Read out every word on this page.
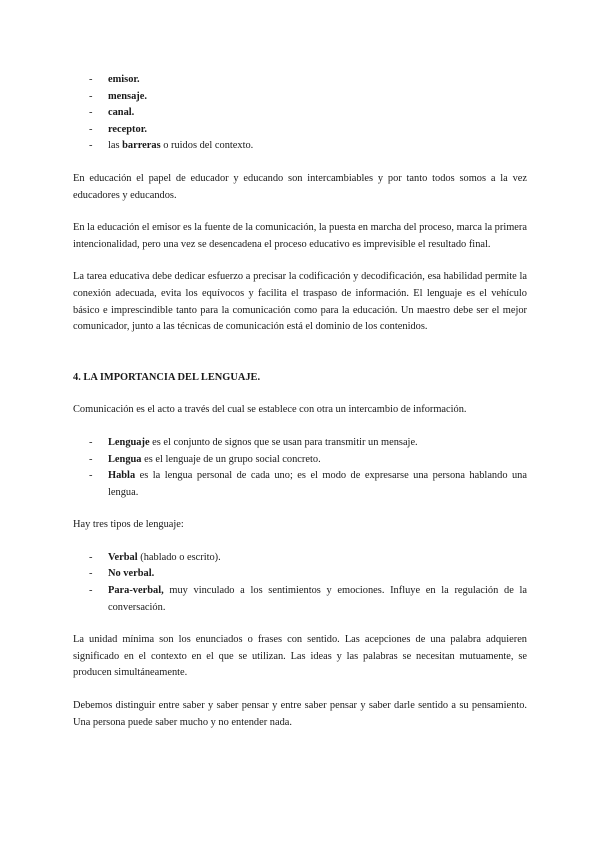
- emisor.
- mensaje.
- canal.
- receptor.
- las barreras o ruidos del contexto.

En educación el papel de educador y educando son intercambiables y por tanto todos somos a la vez educadores y educandos.

En la educación el emisor es la fuente de la comunicación, la puesta en marcha del proceso, marca la primera intencionalidad, pero una vez se desencadena el proceso educativo es imprevisible el resultado final.

La tarea educativa debe dedicar esfuerzo a precisar la codificación y decodificación, esa habilidad permite la conexión adecuada, evita los equívocos y facilita el traspaso de información. El lenguaje es el vehículo básico e imprescindible tanto para la comunicación como para la educación. Un maestro debe ser el mejor comunicador, junto a las técnicas de comunicación está el dominio de los contenidos.

4. LA IMPORTANCIA DEL LENGUAJE.

Comunicación es el acto a través del cual se establece con otra un intercambio de información.

- Lenguaje es el conjunto de signos que se usan para transmitir un mensaje.
- Lengua es el lenguaje de un grupo social concreto.
- Habla es la lengua personal de cada uno; es el modo de expresarse una persona hablando una lengua.

Hay tres tipos de lenguaje:

- Verbal (hablado o escrito).
- No verbal.
- Para-verbal, muy vinculado a los sentimientos y emociones. Influye en la regulación de la conversación.

La unidad mínima son los enunciados o frases con sentido. Las acepciones de una palabra adquieren significado en el contexto en el que se utilizan. Las ideas y las palabras se necesitan mutuamente, se producen simultáneamente.

Debemos distinguir entre saber y saber pensar y entre saber pensar y saber darle sentido a su pensamiento. Una persona puede saber mucho y no entender nada.
